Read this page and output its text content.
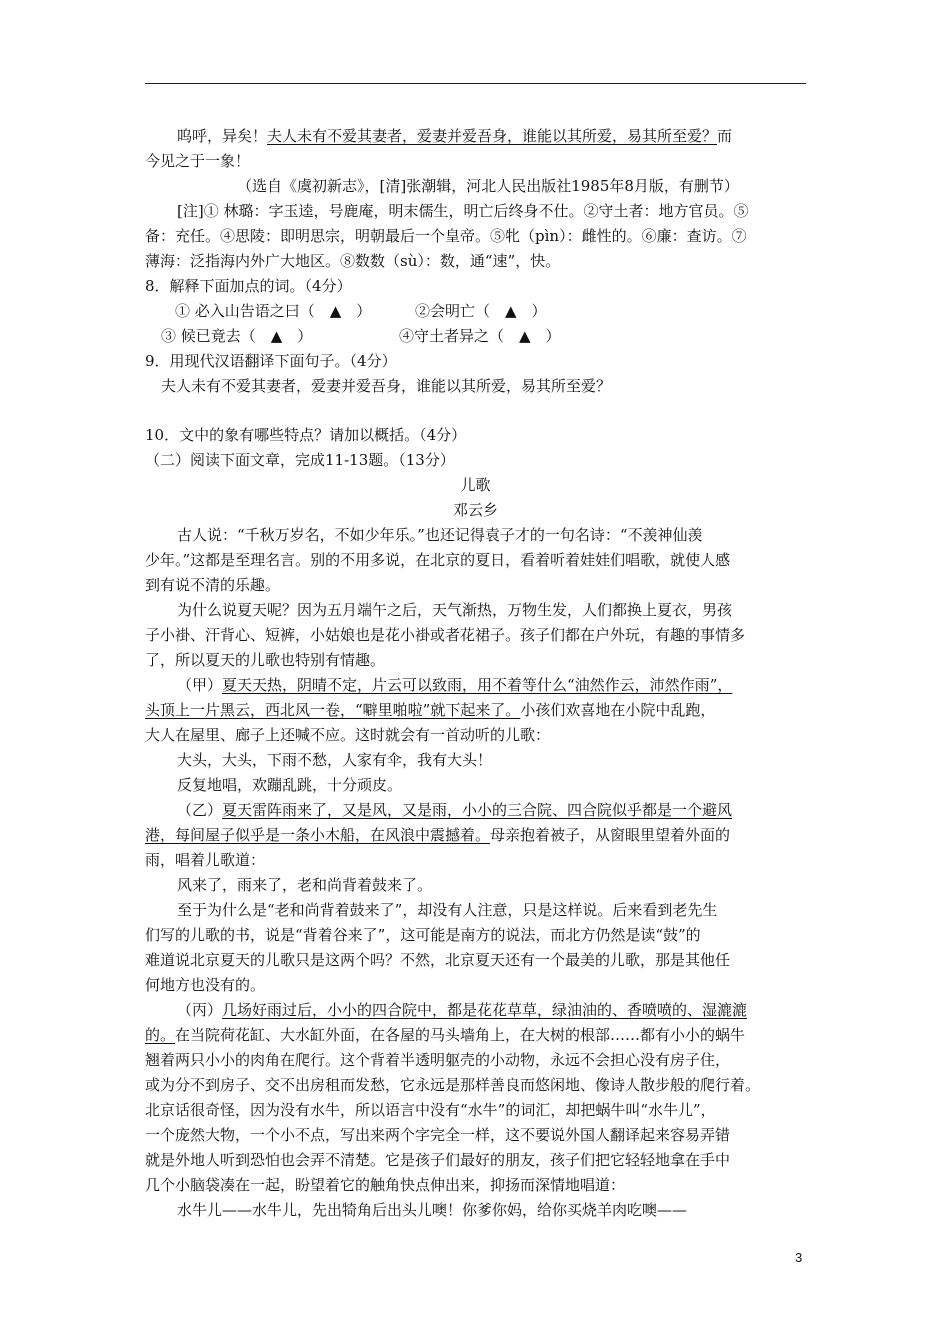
呜呼，异矣！夫人未有不爱其妻者，爱妻并爱吾身，谁能以其所爱，易其所至爱？而
今见之于一象！
（选自《虞初新志》，[清]张潮辑，河北人民出版社1985年8月版，有删节）
[注]① 林璐：字玉逵，号鹿庵，明末儒生，明亡后终身不仕。②守土者：地方官员。⑤
备：充任。④思陵：即明思宗，明朝最后一个皇帝。⑤牝（pìn）：雌性的。⑥廉：查访。⑦
薄海：泛指海内外广大地区。⑧数数（sù）：数，通“速”，快。
8．解释下面加点的词。（4分）
① 必入山告语之曰（　▲　）	②会明亡（　▲　）
③ 候已竟去（　▲　）	④守土者异之（　▲　）
9．用现代汉语翻译下面句子。（4分）
夫人未有不爱其妻者，爱妻并爱吾身，谁能以其所爱，易其所至爱？
10．文中的象有哪些特点？请加以概括。（4分）
（二）阅读下面文章，完成11-13题。（13分）
儿歌
邓云乡
古人说：“千秋万岁名，不如少年乐。”也还记得袁子才的一句名诗：“不羡神仙羡
少年。”这都是至理名言。别的不用多说，在北京的夏日，看着听着娃娃们唱歌，就使人感
到有说不清的乐趣。
为什么说夏天呢？因为五月端午之后，天气渐热，万物生发，人们都换上夏衣，男孩
子小褂、汗背心、短裤，小姑娘也是花小褂或者花裙子。孩子们都在户外玩，有趣的事情多
了，所以夏天的儿歌也特别有情趣。
（甲）夏天天热，阴晴不定，片云可以致雨，用不着等什么“油然作云，沛然作雨”，
头顶上一片黑云，西北风一卷，“噼里啪啦”就下起来了。小孩们欢喜地在小院中乱跑，
大人在屋里、廊子上还喊不应。这时就会有一首动听的儿歌：
大头，大头，下雨不愁，人家有伞，我有大头！
反复地唱，欢蹦乱跳，十分顽皮。
（乙）夏天雷阵雨来了，又是风，又是雨，小小的三合院、四合院似乎都是一个避风
港，每间屋子似乎是一条小木船，在风浪中震撼着。母亲抱着被子，从窗眼里望着外面的
雨，唱着儿歌道：
风来了，雨来了，老和尚背着鼓来了。
至于为什么是“老和尚背着鼓来了”，却没有人注意，只是这样说。后来看到老先生
们写的儿歌的书，说是“背着谷来了”，这可能是南方的说法，而北方仍然是读“鼓”的
难道说北京夏天的儿歌只是这两个吗？不然，北京夏天还有一个最美的儿歌，那是其他任
何地方也没有的。
（丙）几场好雨过后，小小的四合院中，都是花花草草，绿油油的、香喷喷的、湿漉漉
的。在当院荷花缸、大水缸外面，在各屋的马头墙角上，在大树的根部……都有小小的蜗牛
翘着两只小小的肉角在爬行。这个背着半透明躯壳的小动物，永远不会担心没有房子住，
或为分不到房子、交不出房租而发愁，它永远是那样善良而悠闲地、像诗人散步般的爬行着。
北京话很奇怪，因为没有水牛，所以语言中没有“水牛”的词汇，却把蜗牛叫“水牛儿”，
一个庞然大物，一个小不点，写出来两个字完全一样，这不要说外国人翻译起来容易弄错
就是外地人听到恐怕也会弄不清楚。它是孩子们最好的朋友，孩子们把它轻轻地拿在手中
几个小脑袋凑在一起，盼望着它的触角快点伸出来，抑扬而深情地唱道：
水牛儿——水牛儿，先出犄角后出头儿噢！你爹你妈，给你买烧羊肉吃噢——
3
